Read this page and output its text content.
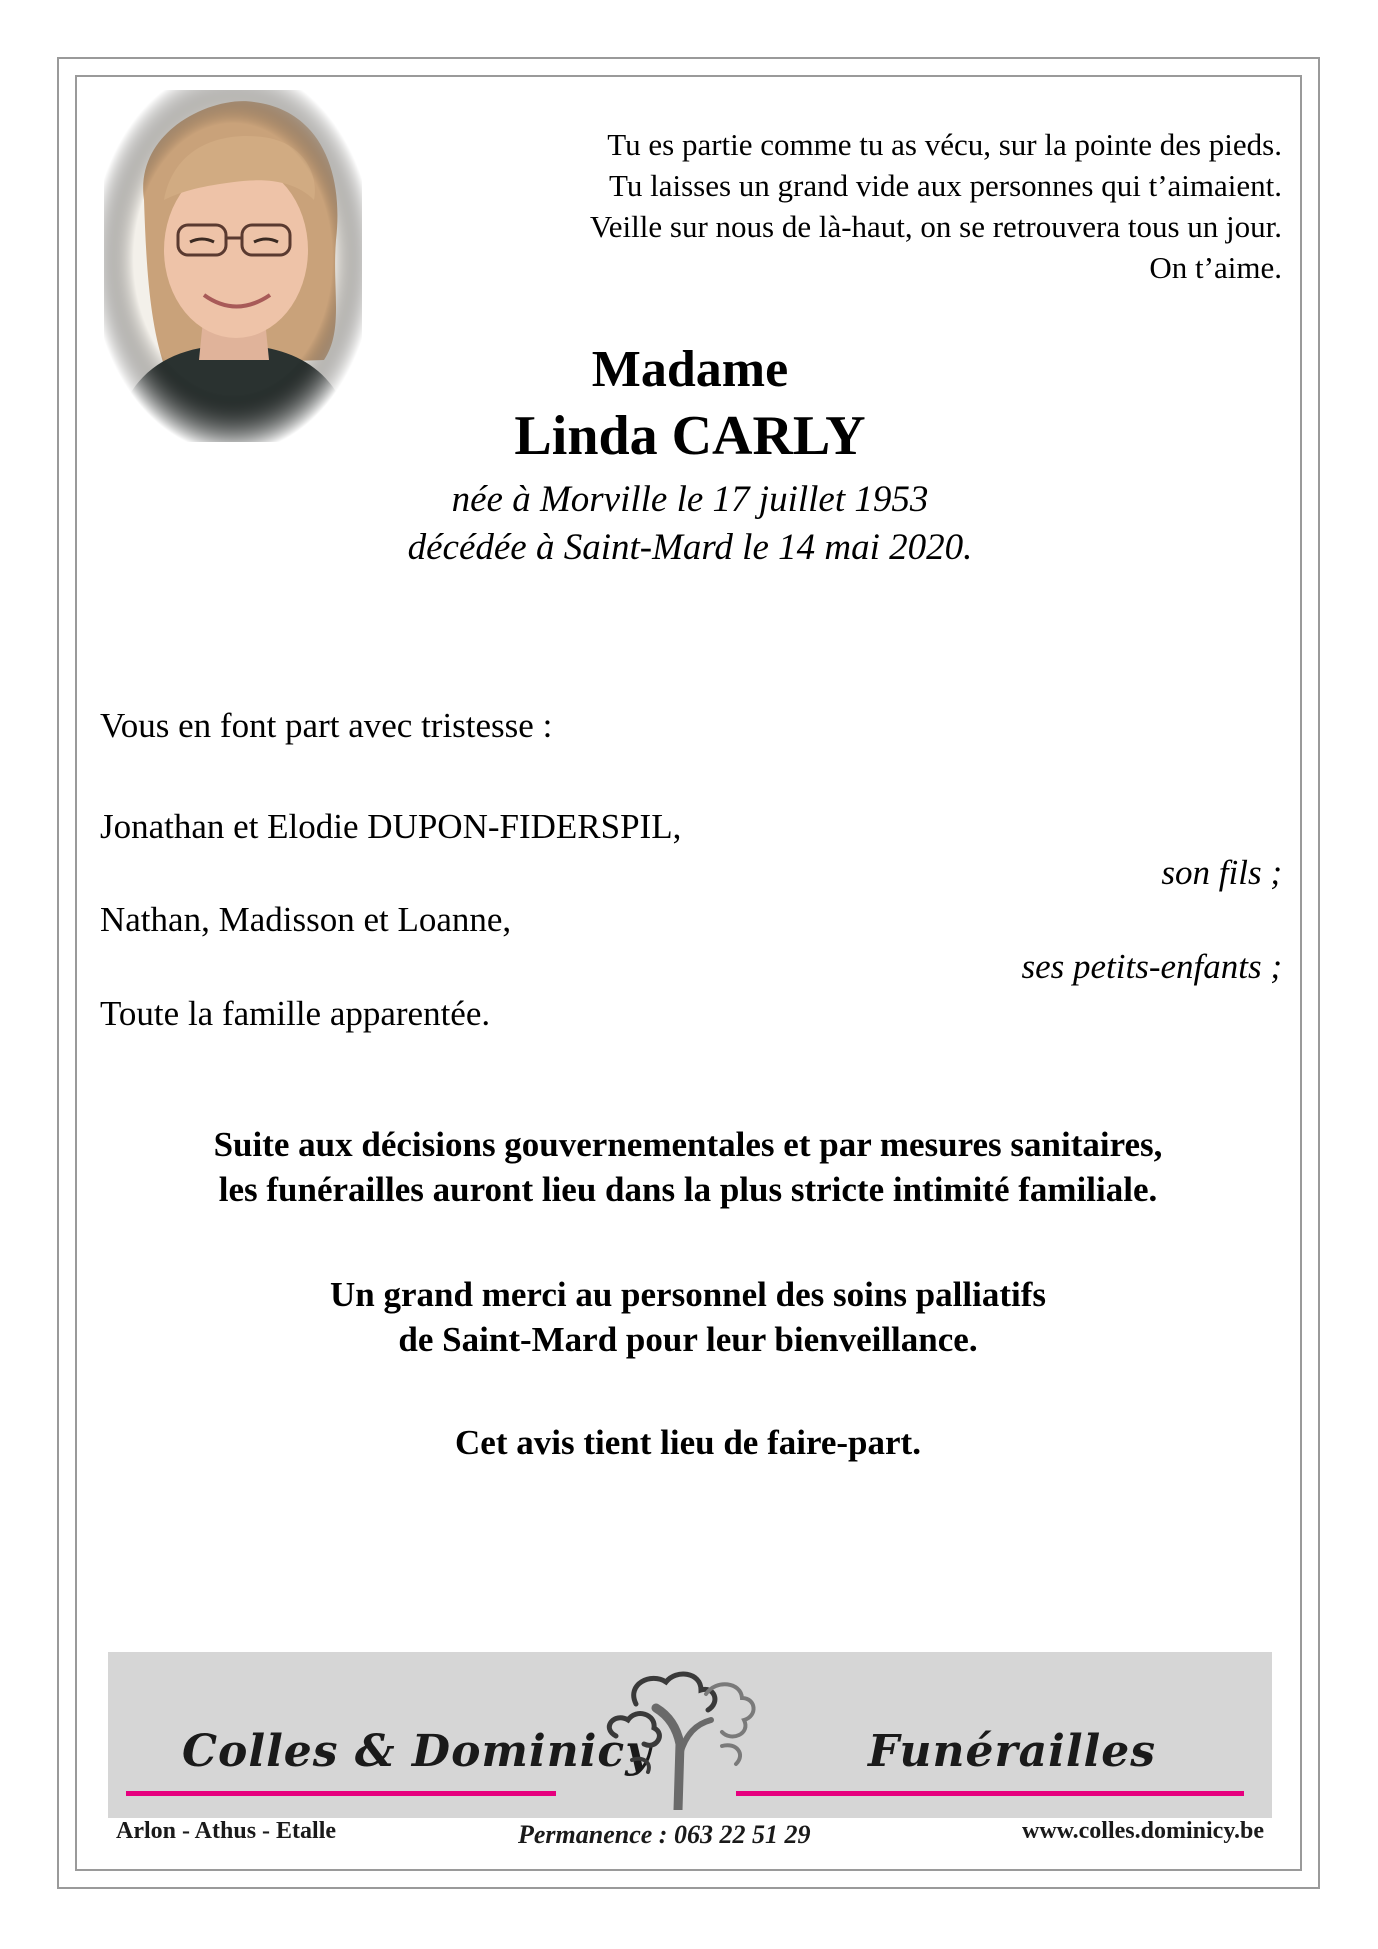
Tu es partie comme tu as vécu, sur la pointe des pieds.
Tu laisses un grand vide aux personnes qui t’aimaient.
Veille sur nous de là-haut, on se retrouvera tous un jour.
On t’aime.
Madame
Linda CARLY
née à Morville le 17 juillet 1953
décédée à Saint-Mard le 14 mai 2020.
Vous en font part avec tristesse :
Jonathan et Elodie DUPON-FIDERSPIL,
son fils ;
Nathan, Madisson et Loanne,
ses petits-enfants ;
Toute la famille apparentée.
Suite aux décisions gouvernementales et par mesures sanitaires,
les funérailles auront lieu dans la plus stricte intimité familiale.
Un grand merci au personnel des soins palliatifs
de Saint-Mard pour leur bienveillance.
Cet avis tient lieu de faire-part.
Colles & Dominicy	Funérailles
Arlon - Athus - Etalle	Permanence : 063 22 51 29	www.colles.dominicy.be
